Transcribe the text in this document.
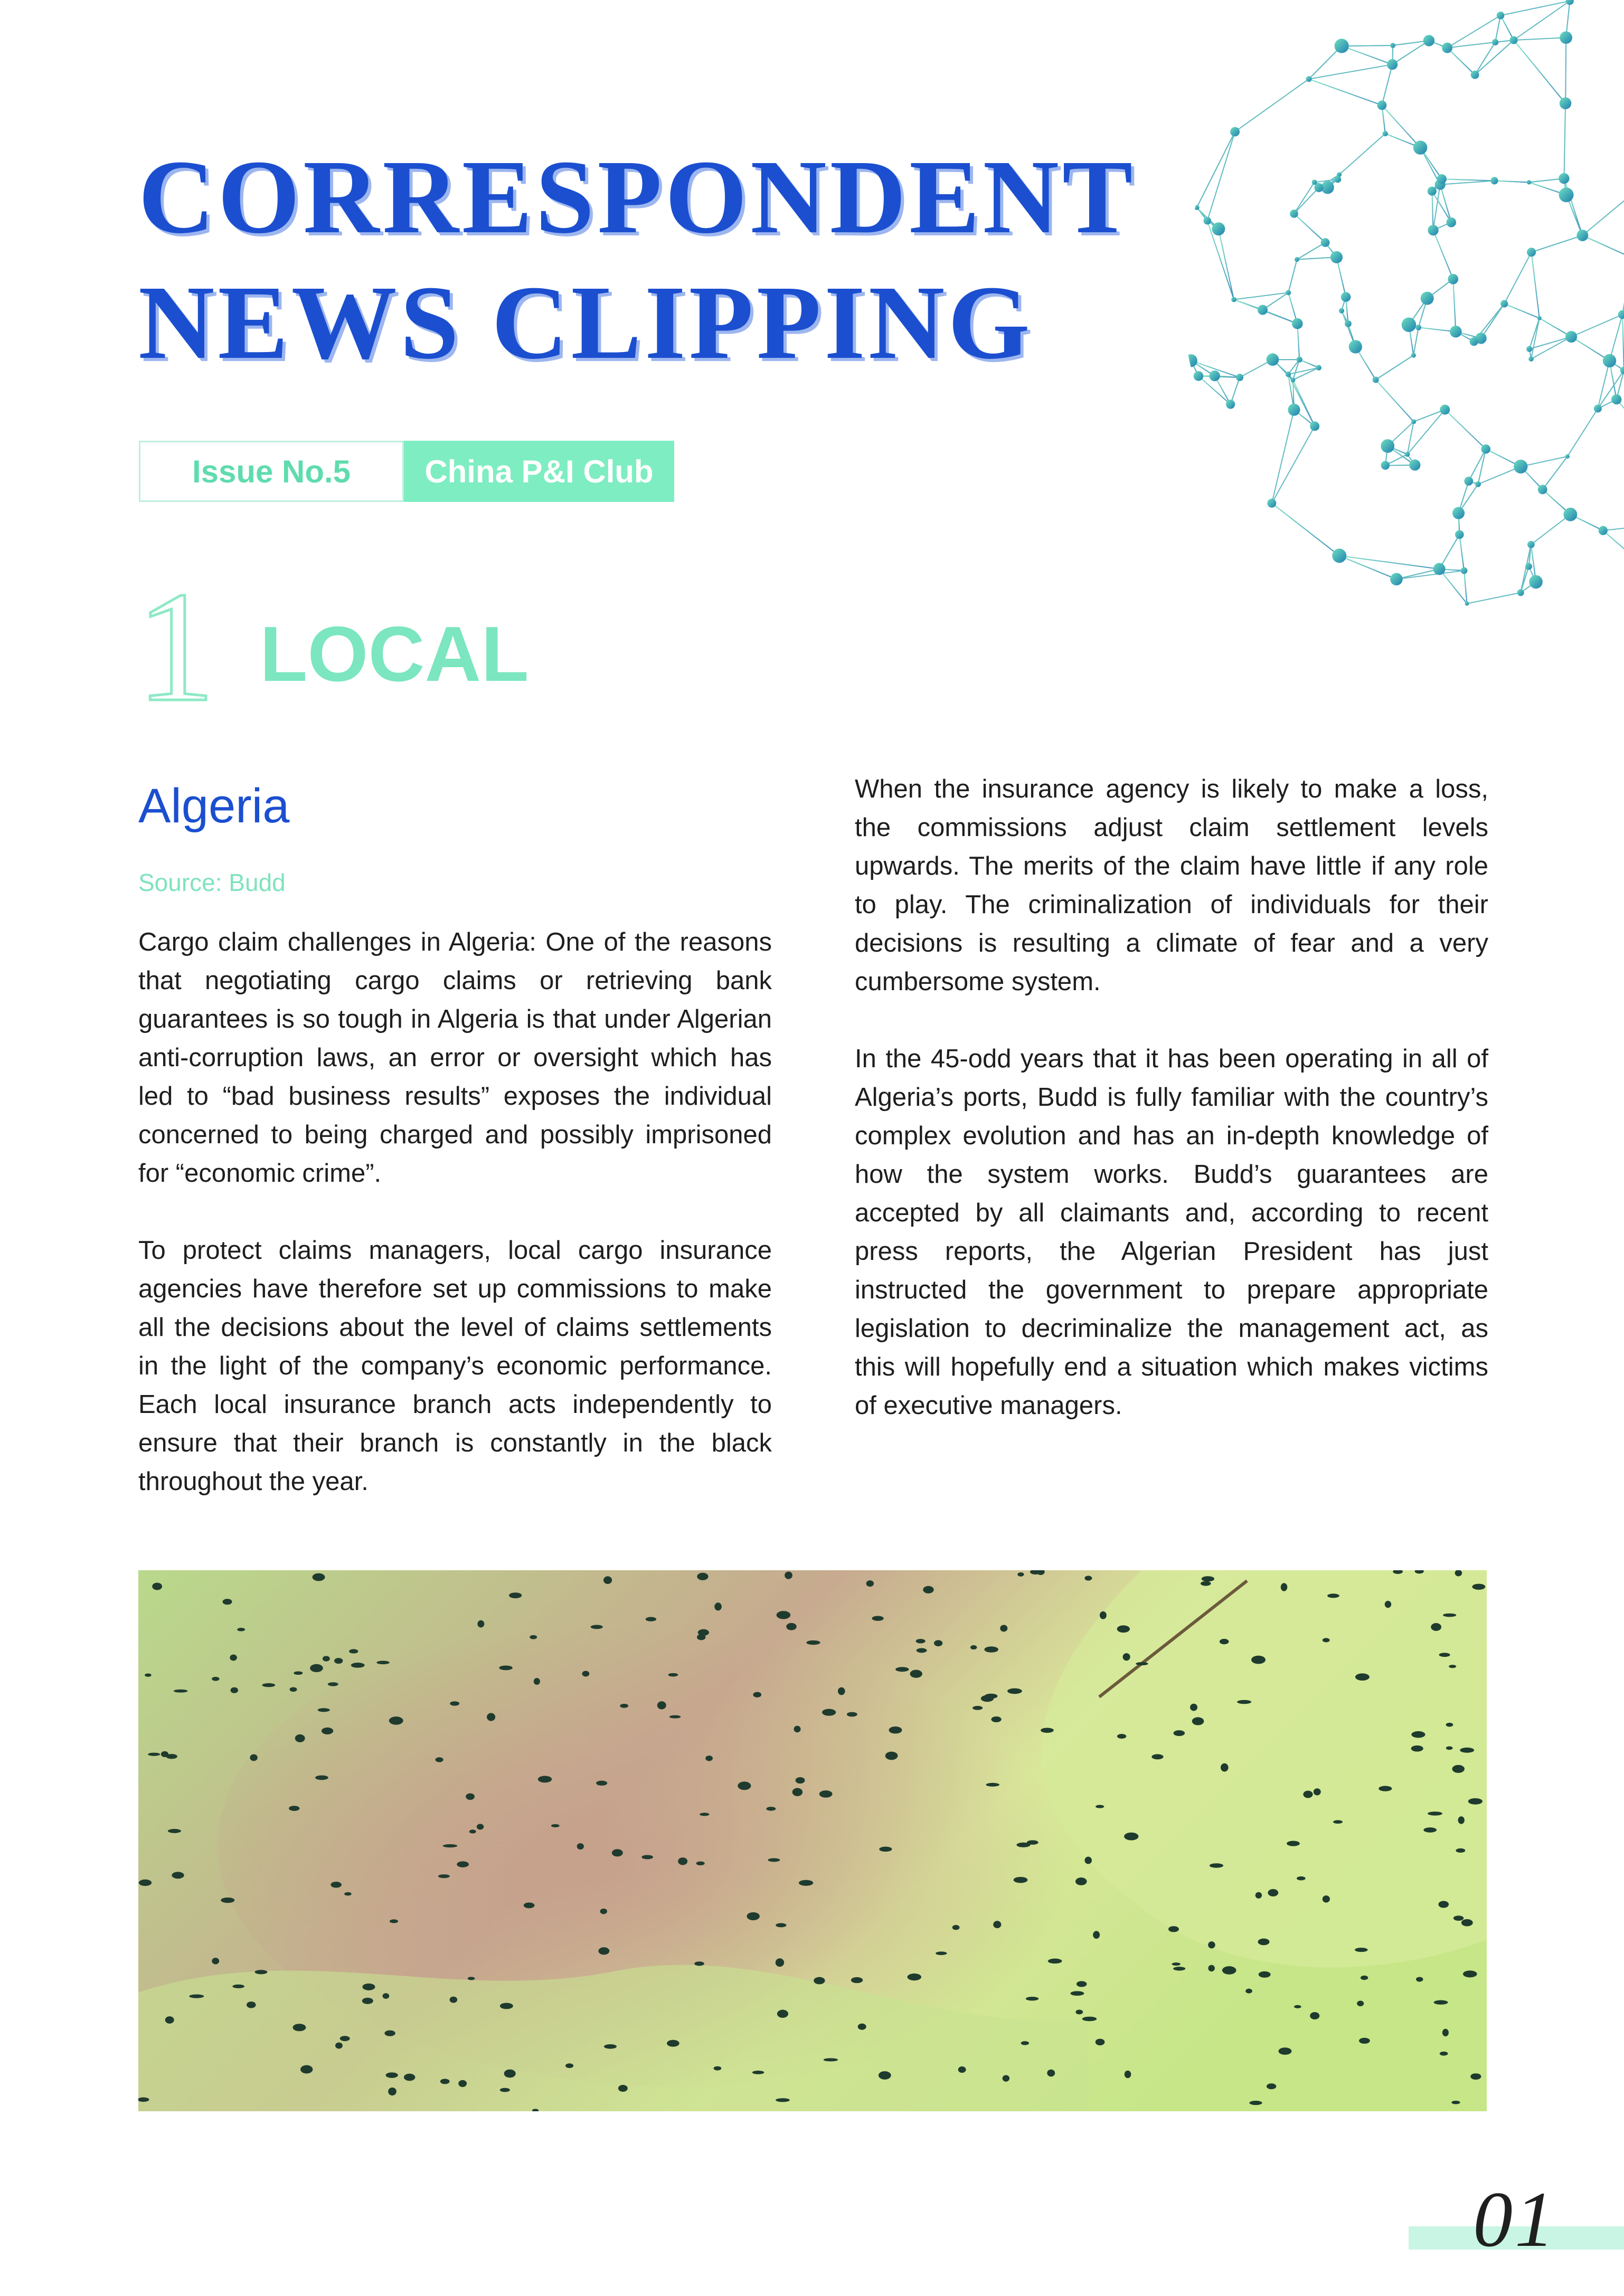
CORRESPONDENT
NEWS CLIPPING
Issue No.5	China P&I Club
1 LOCAL
Algeria
Source: Budd

Cargo claim challenges in Algeria: One of the reasons that negotiating cargo claims or retrieving bank guarantees is so tough in Algeria is that under Algerian anti-corruption laws, an error or oversight which has led to “bad business results” exposes the individual concerned to being charged and possibly imprisoned for “economic crime”.

To protect claims managers, local cargo insurance agencies have therefore set up commissions to make all the decisions about the level of claims settlements in the light of the company’s economic performance. Each local insurance branch acts independently to ensure that their branch is constantly in the black throughout the year.

When the insurance agency is likely to make a loss, the commissions adjust claim settlement levels upwards. The merits of the claim have little if any role to play. The criminalization of individuals for their decisions is resulting a climate of fear and a very cumbersome system.

In the 45-odd years that it has been operating in all of Algeria’s ports, Budd is fully familiar with the country’s complex evolution and has an in-depth knowledge of how the system works. Budd’s guarantees are accepted by all claimants and, according to recent press reports, the Algerian President has just instructed the government to prepare appropriate legislation to decriminalize the management act, as this will hopefully end a situation which makes victims of executive managers.

01
